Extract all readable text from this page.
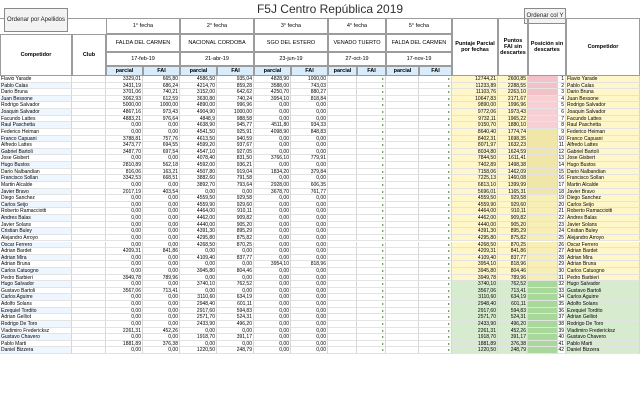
F5J Centro República 2019
Ordenar por Apellidos
Ordenar col Y
Competidor	Club
1° fecha
FALDA DEL CARMEN
17-feb-19
parcial	FAI
2° fecha
NACIONAL CORDOBA
21-abr-19
parcial	FAI
3° fecha
SGO DEL ESTERO
23-jun-19
parcial	FAI
4° fecha
VENADO TUERTO
27-oct-19
parcial	FAI
5° fecha
FALDA DEL CARMEN
17-nov-19
parcial	FAI
Puntaje Parcial por fechas
Puntos FAI sin descartes
Posición sin descartes	Competidor
Flavio Yarade	3329,01	665,80	4586,50	935,04	4828,90	1000,00	▸	▸	12744,21	2600,85	1 Flavio Yarade
Pablo Calas	3431,19	686,24	4214,70	859,28	3588,00	743,03	▸	▸	11233,89	2288,55	2 Pablo Calas
Dario Bruna	3701,06	740,21	3152,00	642,62	4250,70	880,27	▸	▸	11103,76	2263,10	3 Dario Bruna
Juan Bessone	3062,93	612,59	3630,80	740,24	3954,10	818,84	▸	▸	10647,83	2171,67	4 Juan Bessone
Rodrigo Salvador	5000,00	1000,00	4890,00	996,96	0,00	0,00	▸	▸	9890,00	1996,96	5 Rodrigo Salvador
Joaquin Salvador	4867,16	973,43	4904,90	1000,00	0,00	0,00	▸	▸	9772,06	1973,43	6 Joaquin Salvador
Facundo Lattes	4883,21	976,64	4848,9	988,58	0,00	0,00	▸	▸	9732,11	1965,22	7 Facundo Lattes
Raul Paschetta	0,00	0,00	4638,90	945,77	4511,80	934,33	▸	▸	9150,70	1880,10	8 Raul Paschetta
Federico Heiman	0,00	0,00	4541,50	925,91	4098,90	848,83	▸	▸	8640,40	1774,74	9 Federico Heiman
Franco Capuani	3788,81	757,76	4613,50	940,59	0,00	0,00	▸	▸	8402,31	1698,35	10 Franco Capuani
Alfredo Lattes	3473,77	694,55	4599,20	937,67	0,00	0,00	▸	▸	8071,97	1632,23	11 Alfredo Lattes
Gabriel Bartoli	3487,70	697,54	4547,10	927,05	0,00	0,00	▸	▸	8034,80	1624,59	12 Gabriel Bartoli
Jose Gisbert	0,00	0,00	4078,40	831,50	3766,10	779,91	▸	▸	7844,50	1611,41	13 Jose Gisbert
Hugo Bustos	2810,89	562,18	4592,00	936,21	0,00	0,00	▸	▸	7402,89	1498,38	14 Hugo Bustos
Dario Nalbandian	816,06	163,21	4507,80	919,04	1834,20	379,84	▸	▸	7158,06	1462,09	15 Dario Nalbandian
Francisco Sollan	3342,53	668,51	3882,60	791,58	0,00	0,00	▸	▸	7225,13	1460,08	16 Francisco Sollan
Martin Alcalde	0,00	0,00	3892,70	793,64	2928,00	606,35	▸	▸	6813,10	1399,99	17 Martin Alcalde
Javier Bravo	2017,19	403,54	0,00	0,00	3678,70	761,77	▸	▸	5696,01	1165,31	18 Javier Bravo
Diego Sanchez	0,00	0,00	4559,50	929,58	0,00	0,00	▸	▸	4559,50	929,58	19 Diego Sanchez
Carlos Seijo	0,00	0,00	4559,90	929,60	0,00	0,00	▸	▸	4559,90	929,60	20 Carlos Seijo
Roberto Ramacciotti	0,00	0,00	4464,00	910,11	0,00	0,00	▸	▸	4464,00	910,11	21 Roberto Ramacciotti
Andres Balas	0,00	0,00	4462,00	909,82	0,00	0,00	▸	▸	4462,00	909,82	22 Andres Balas
Javier Solans	0,00	0,00	4440,00	905,20	0,00	0,00	▸	▸	4440,00	905,20	23 Javier Solans
Cristian Buley	0,00	0,00	4391,30	895,29	0,00	0,00	▸	▸	4391,30	895,29	24 Cristian Buley
Alejandro Arroyo	0,00	0,00	4295,80	875,82	0,00	0,00	▸	▸	4295,80	875,82	25 Alejandro Arroyo
Oscar Ferrero	0,00	0,00	4268,50	870,25	0,00	0,00	▸	▸	4268,50	870,25	26 Oscar Ferrero
Adrian Bardet	4209,31	841,86	0,00	0,00	0,00	0,00	▸	▸	4209,31	841,86	27 Adrian Bardet
Adrian Mira	0,00	0,00	4109,40	837,77	0,00	0,00	▸	▸	4109,40	837,77	28 Adrian Mira
Adrian Bruna	0,00	0,00	0,00	0,00	3954,10	818,96	▸	▸	3954,10	818,96	29 Adrian Bruna
Carlos Catuogno	0,00	0,00	3945,80	804,46	0,00	0,00	▸	▸	3945,80	804,46	30 Carlos Catuogno
Pedro Barbieri	3949,78	789,96	0,00	0,00	0,00	0,00	▸	▸	3949,78	789,96	31 Pedro Barbieri
Hugo Salvador	0,00	0,00	3740,10	762,52	0,00	0,00	▸	▸	3740,10	762,52	32 Hugo Salvador
Gustavo Bartoli	3567,06	713,41	0,00	0,00	0,00	0,00	▸	▸	3567,06	713,41	33 Gustavo Bartoli
Carlos Aguirre	0,00	0,00	3110,60	634,19	0,00	0,00	▸	▸	3110,60	634,19	34 Carlos Aguirre
Adolfo Solans	0,00	0,00	2948,40	601,11	0,00	0,00	▸	▸	2948,40	601,11	35 Adolfo Solans
Ezequiel Tordito	0,00	0,00	2917,60	594,83	0,00	0,00	▸	▸	2917,60	594,83	36 Ezequiel Tordito
Adrian Gelliot	0,00	0,00	2571,70	524,31	0,00	0,00	▸	▸	2571,70	524,31	37 Adrian Gelliot
Rodrigo De Toro	0,00	0,00	2433,90	496,20	0,00	0,00	▸	▸	2433,90	496,20	38 Rodrigo De Toro
Vladimiro Fredericksz	2261,31	452,26	0,00	0,00	0,00	0,00	▸	▸	2261,31	452,26	39 Vladimiro Fredericksz
Gustavo Chavero	0,00	0,00	1918,70	391,17	0,00	0,00	▸	▸	1918,70	391,17	40 Gustavo Chavero
Pablo Marti	1881,89	376,38	0,00	0,00	0,00	0,00	▸	▸	1881,89	376,38	41 Pablo Marti
Daniel Bizzera	0,00	0,00	1220,50	248,79	0,00	0,00	▸	▸	1220,50	248,79	42 Daniel Bizzera
